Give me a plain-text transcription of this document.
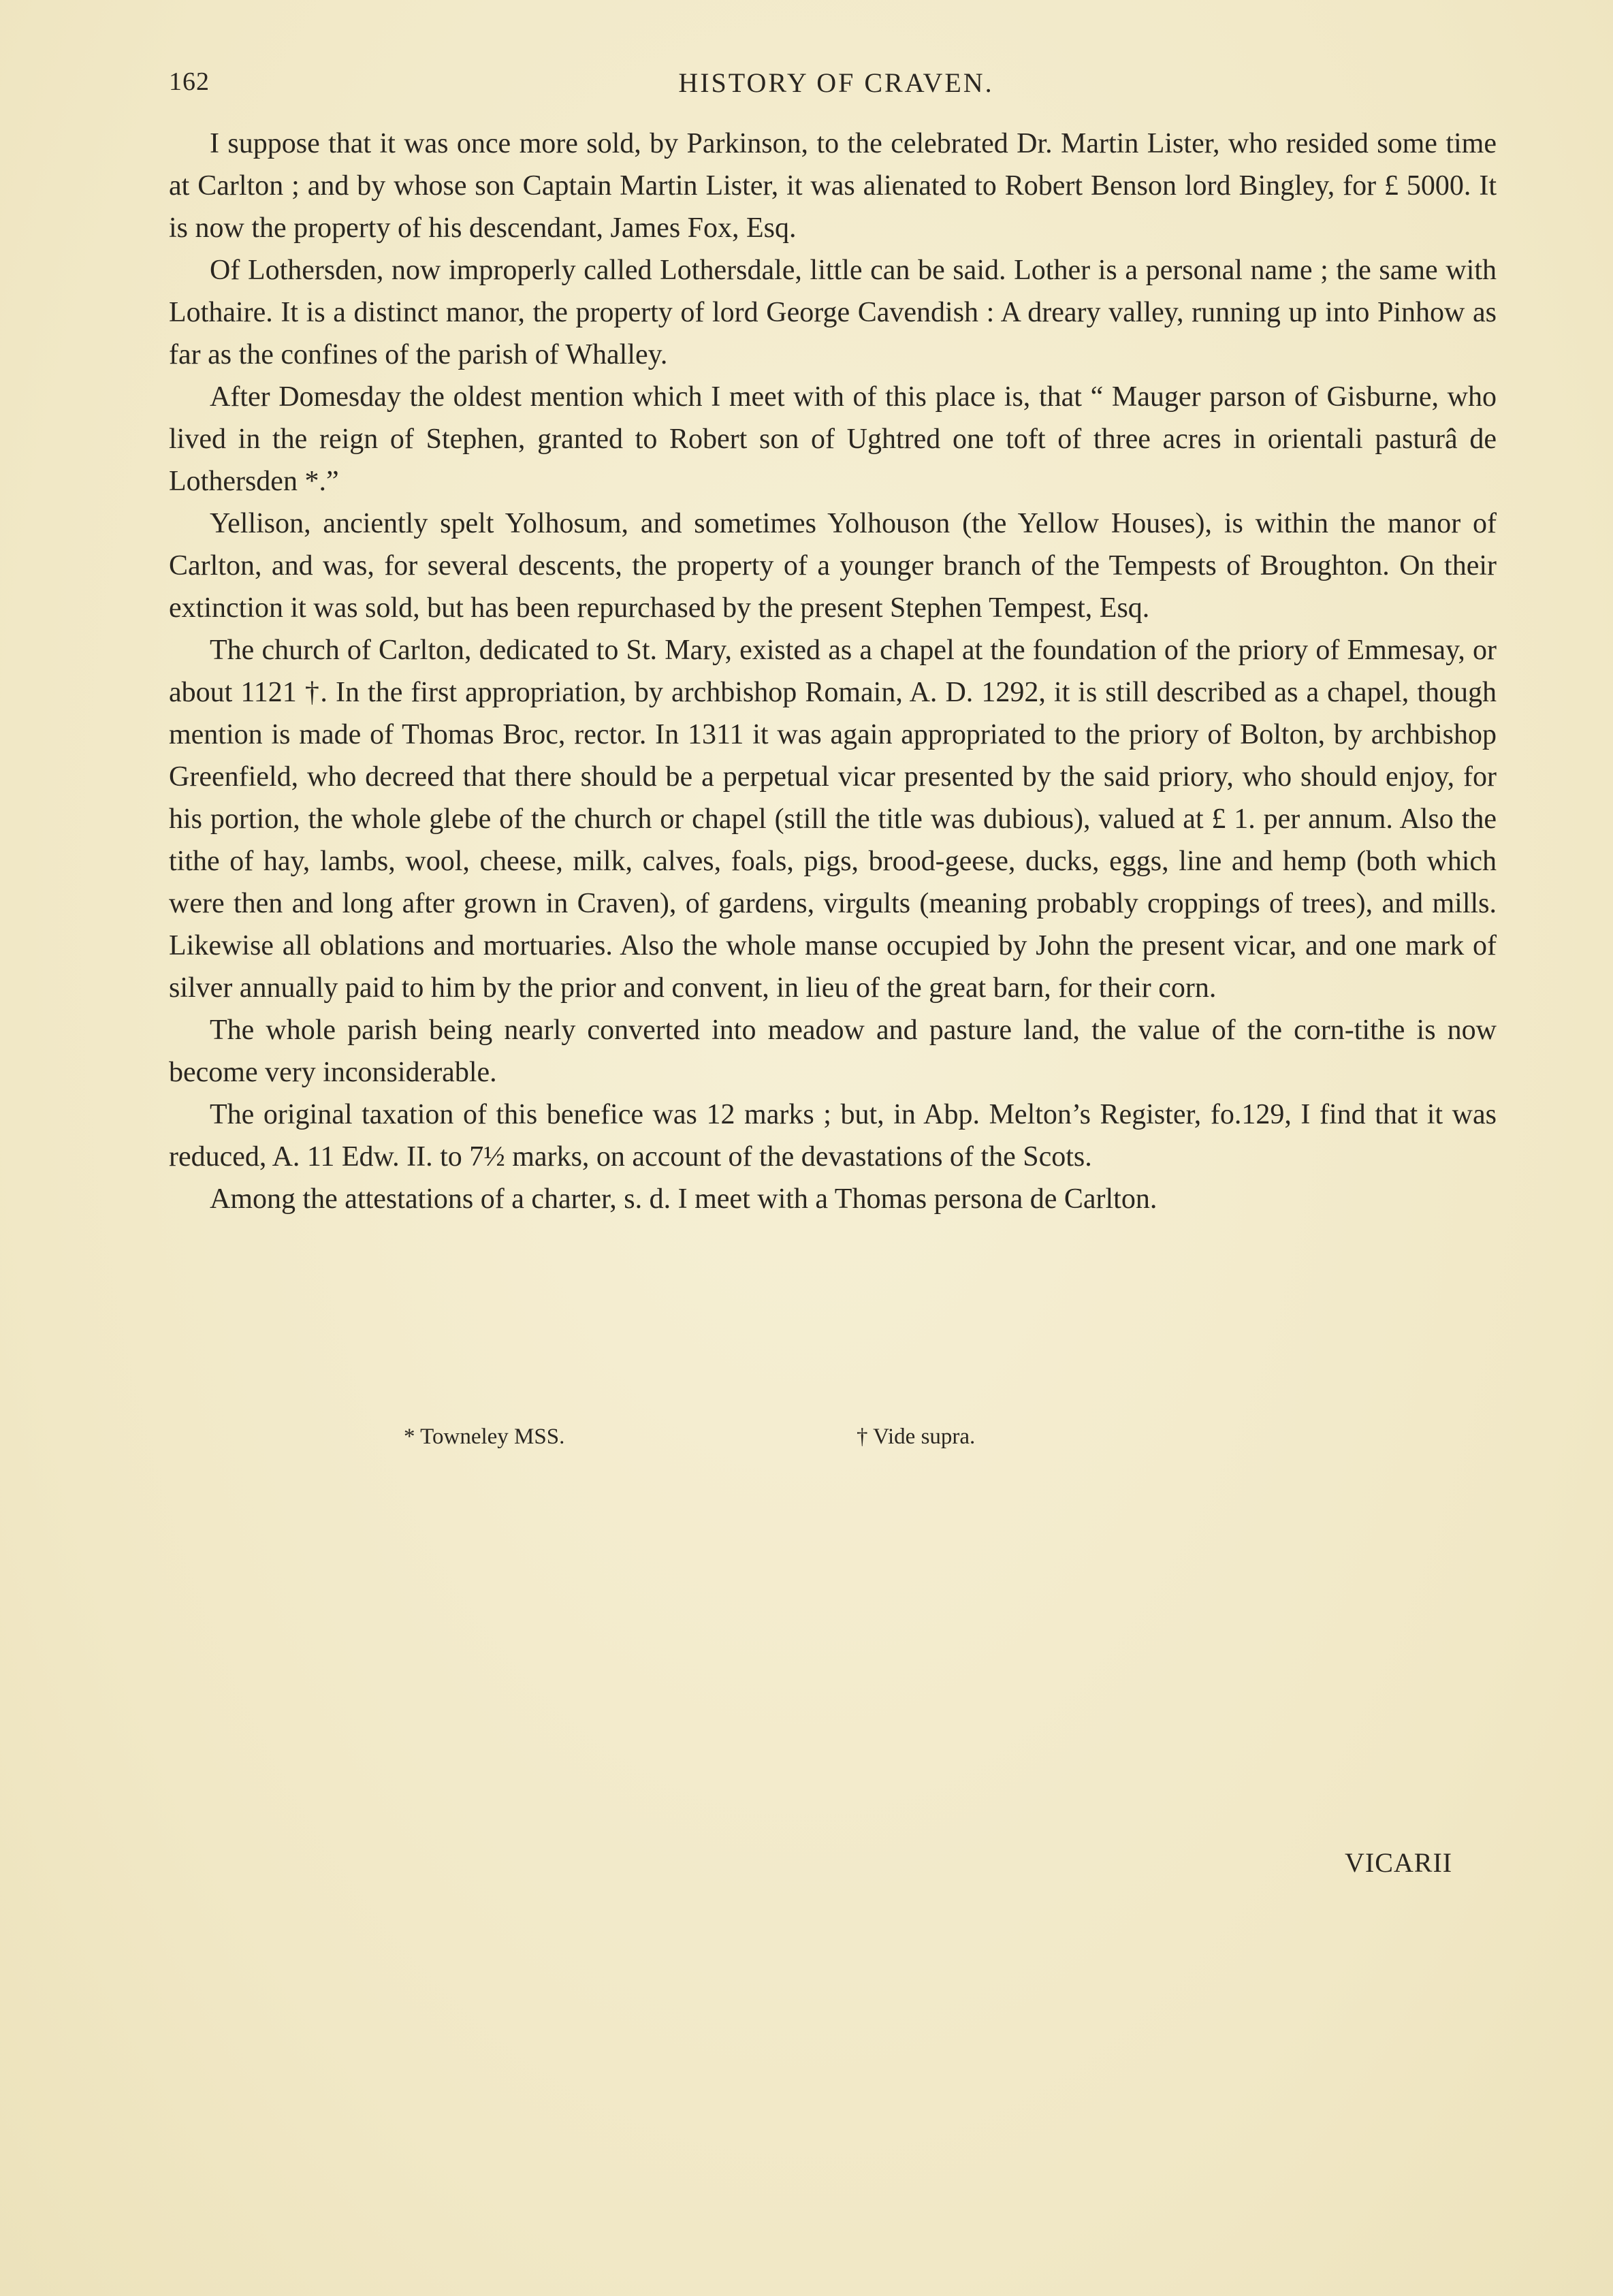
162	HISTORY OF CRAVEN.

I suppose that it was once more sold, by Parkinson, to the celebrated Dr. Martin Lister, who resided some time at Carlton ; and by whose son Captain Martin Lister, it was alienated to Robert Benson lord Bingley, for £ 5000. It is now the property of his descendant, James Fox, Esq.

Of Lothersden, now improperly called Lothersdale, little can be said. Lother is a personal name ; the same with Lothaire. It is a distinct manor, the property of lord George Cavendish : A dreary valley, running up into Pinhow as far as the confines of the parish of Whalley.

After Domesday the oldest mention which I meet with of this place is, that “ Mauger parson of Gisburne, who lived in the reign of Stephen, granted to Robert son of Ughtred one toft of three acres in orientali pasturâ de Lothersden *.”

Yellison, anciently spelt Yolhosum, and sometimes Yolhouson (the Yellow Houses), is within the manor of Carlton, and was, for several descents, the property of a younger branch of the Tempests of Broughton. On their extinction it was sold, but has been repurchased by the present Stephen Tempest, Esq.

The church of Carlton, dedicated to St. Mary, existed as a chapel at the foundation of the priory of Emmesay, or about 1121 †. In the first appropriation, by archbishop Romain, A. D. 1292, it is still described as a chapel, though mention is made of Thomas Broc, rector. In 1311 it was again appropriated to the priory of Bolton, by archbishop Greenfield, who decreed that there should be a perpetual vicar presented by the said priory, who should enjoy, for his portion, the whole glebe of the church or chapel (still the title was dubious), valued at £ 1. per annum. Also the tithe of hay, lambs, wool, cheese, milk, calves, foals, pigs, brood-geese, ducks, eggs, line and hemp (both which were then and long after grown in Craven), of gardens, virgults (meaning probably croppings of trees), and mills. Likewise all oblations and mortuaries. Also the whole manse occupied by John the present vicar, and one mark of silver annually paid to him by the prior and convent, in lieu of the great barn, for their corn.

The whole parish being nearly converted into meadow and pasture land, the value of the corn-tithe is now become very inconsiderable.

The original taxation of this benefice was 12 marks ; but, in Abp. Melton’s Register, fo.129, I find that it was reduced, A. 11 Edw. II. to 7½ marks, on account of the devastations of the Scots.

Among the attestations of a charter, s. d. I meet with a Thomas persona de Carlton.

* Towneley MSS.	† Vide supra.
VICARII
